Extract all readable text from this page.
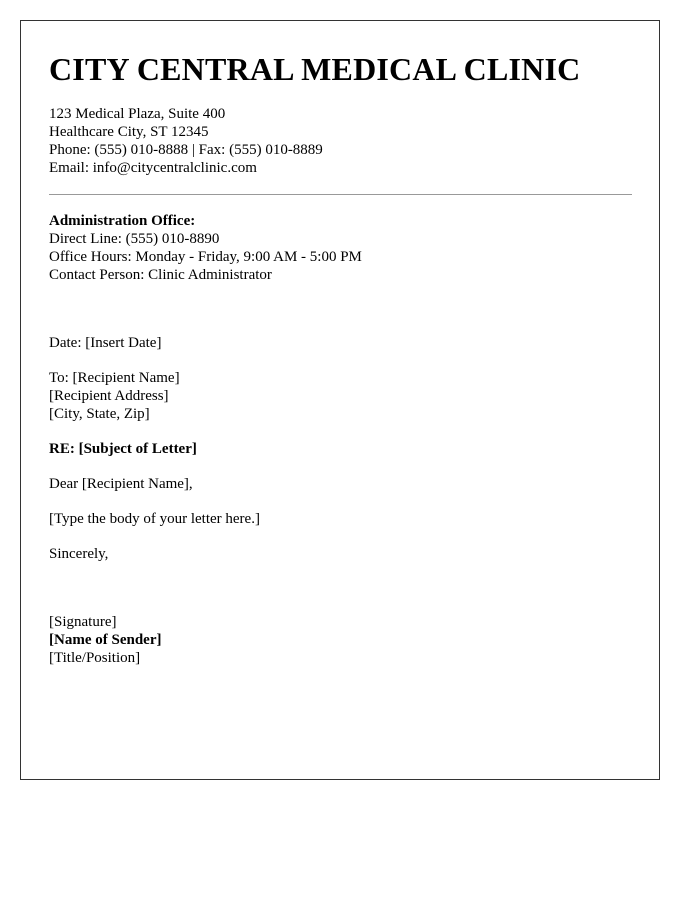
CITY CENTRAL MEDICAL CLINIC
123 Medical Plaza, Suite 400
Healthcare City, ST 12345
Phone: (555) 010-8888 | Fax: (555) 010-8889
Email: info@citycentralclinic.com
Administration Office:
Direct Line: (555) 010-8890
Office Hours: Monday - Friday, 9:00 AM - 5:00 PM
Contact Person: Clinic Administrator
Date: [Insert Date]
To: [Recipient Name]
[Recipient Address]
[City, State, Zip]
RE: [Subject of Letter]
Dear [Recipient Name],
[Type the body of your letter here.]
Sincerely,
[Signature]
[Name of Sender]
[Title/Position]
